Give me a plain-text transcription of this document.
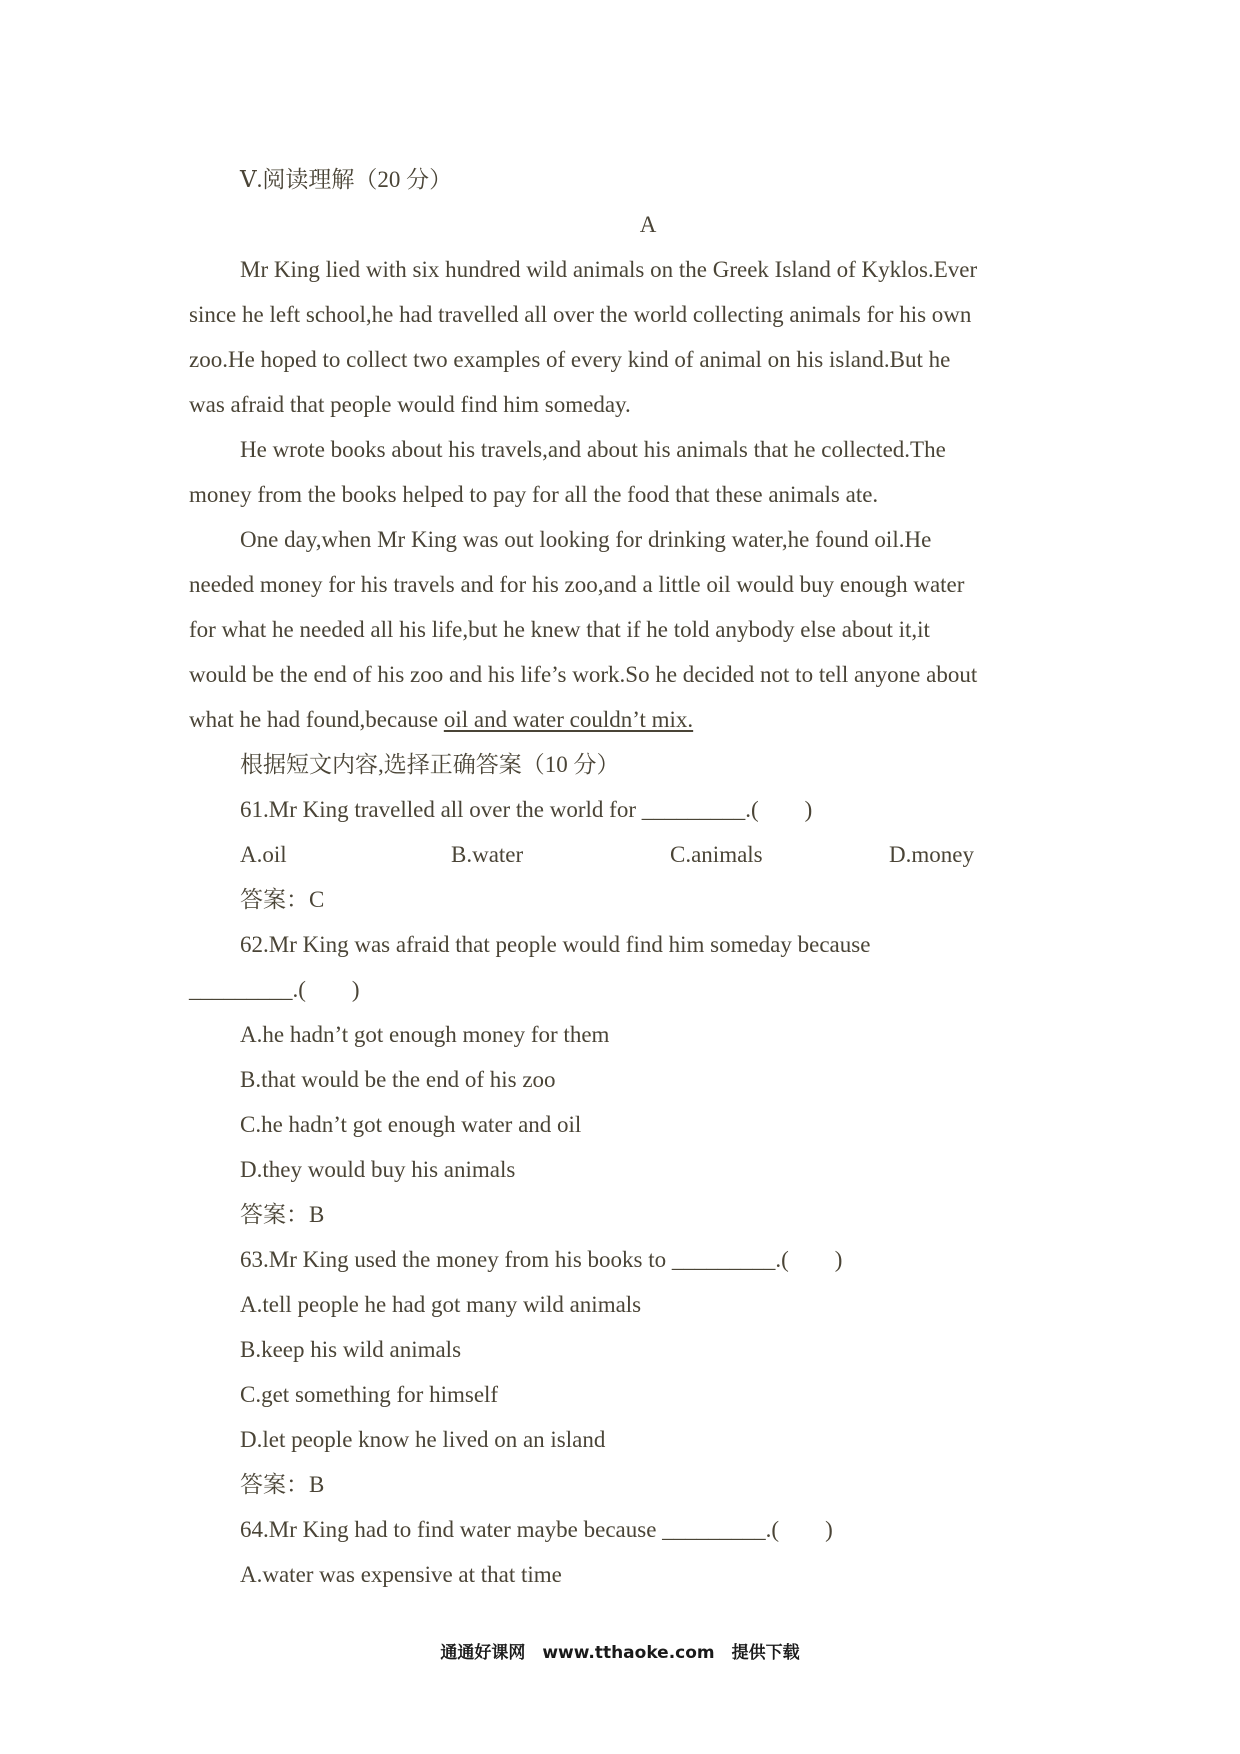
Ⅴ.阅读理解（20 分）
A
Mr King lied with six hundred wild animals on the Greek Island of Kyklos.Ever
since he left school,he had travelled all over the world collecting animals for his own
zoo.He hoped to collect two examples of every kind of animal on his island.But he
was afraid that people would find him someday.
He wrote books about his travels,and about his animals that he collected.The
money from the books helped to pay for all the food that these animals ate.
One day,when Mr King was out looking for drinking water,he found oil.He
needed money for his travels and for his zoo,and a little oil would buy enough water
for what he needed all his life,but he knew that if he told anybody else about it,it
would be the end of his zoo and his life’s work.So he decided not to tell anyone about
what he had found,because oil and water couldn’t mix.
根据短文内容,选择正确答案（10 分）
61.Mr King travelled all over the world for _________.(　　)
A.oil	B.water	C.animals	D.money
答案：C
62.Mr King was afraid that people would find him someday because
_________.(　　)
A.he hadn’t got enough money for them
B.that would be the end of his zoo
C.he hadn’t got enough water and oil
D.they would buy his animals
答案：B
63.Mr King used the money from his books to _________.(　　)
A.tell people he had got many wild animals
B.keep his wild animals
C.get something for himself
D.let people know he lived on an island
答案：B
64.Mr King had to find water maybe because _________.(　　)
A.water was expensive at that time
通通好课网　www.tthaoke.com　提供下载
